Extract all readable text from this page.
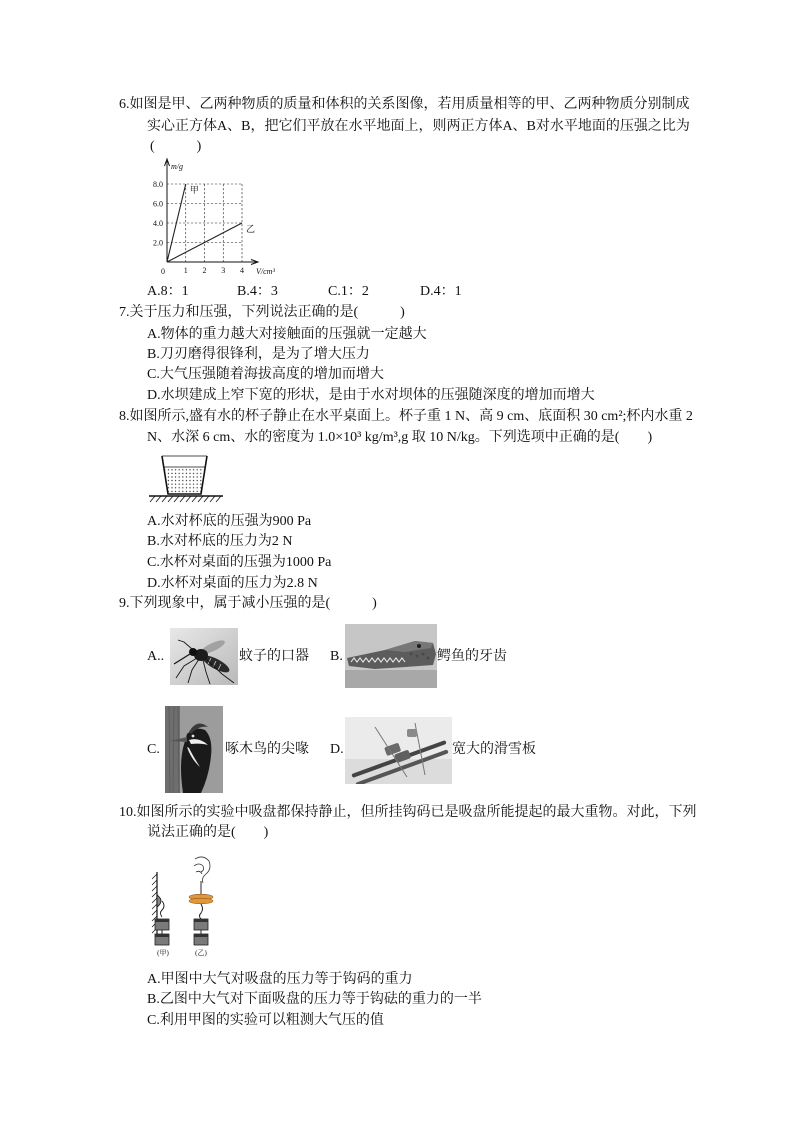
6.如图是甲、乙两种物质的质量和体积的关系图像，若用质量相等的甲、乙两种物质分别制成
实心正方体A、B，把它们平放在水平地面上，则两正方体A、B对水平地面的压强之比为
(　　　)
m/g
V/cm³
0 1 2 3 4
2.0
4.0
6.0
8.0
甲
乙
A.8：1	B.4：3	C.1：2	D.4：1
7.关于压力和压强，下列说法正确的是(　　　)
A.物体的重力越大对接触面的压强就一定越大
B.刀刃磨得很锋利，是为了增大压力
C.大气压强随着海拔高度的增加而增大
D.水坝建成上窄下宽的形状，是由于水对坝体的压强随深度的增加而增大
8.如图所示,盛有水的杯子静止在水平桌面上。杯子重 1 N、高 9 cm、底面积 30 cm²;杯内水重 2
N、水深 6 cm、水的密度为 1.0×10³ kg/m³,g 取 10 N/kg。下列选项中正确的是(　　)
A.水对杯底的压强为900 Pa
B.水对杯底的压力为2 N
C.水杯对桌面的压强为1000 Pa
D.水杯对桌面的压力为2.8 N
9.下列现象中，属于减小压强的是(　　　)
A..	蚊子的口器 B.	鳄鱼的牙齿
C.	啄木鸟的尖喙 D.	宽大的滑雪板
10.如图所示的实验中吸盘都保持静止，但所挂钩码已是吸盘所能提起的最大重物。对此，下列
说法正确的是(　　)
(甲)	(乙)
A.甲图中大气对吸盘的压力等于钩码的重力
B.乙图中大气对下面吸盘的压力等于钩砝的重力的一半
C.利用甲图的实验可以粗测大气压的值
